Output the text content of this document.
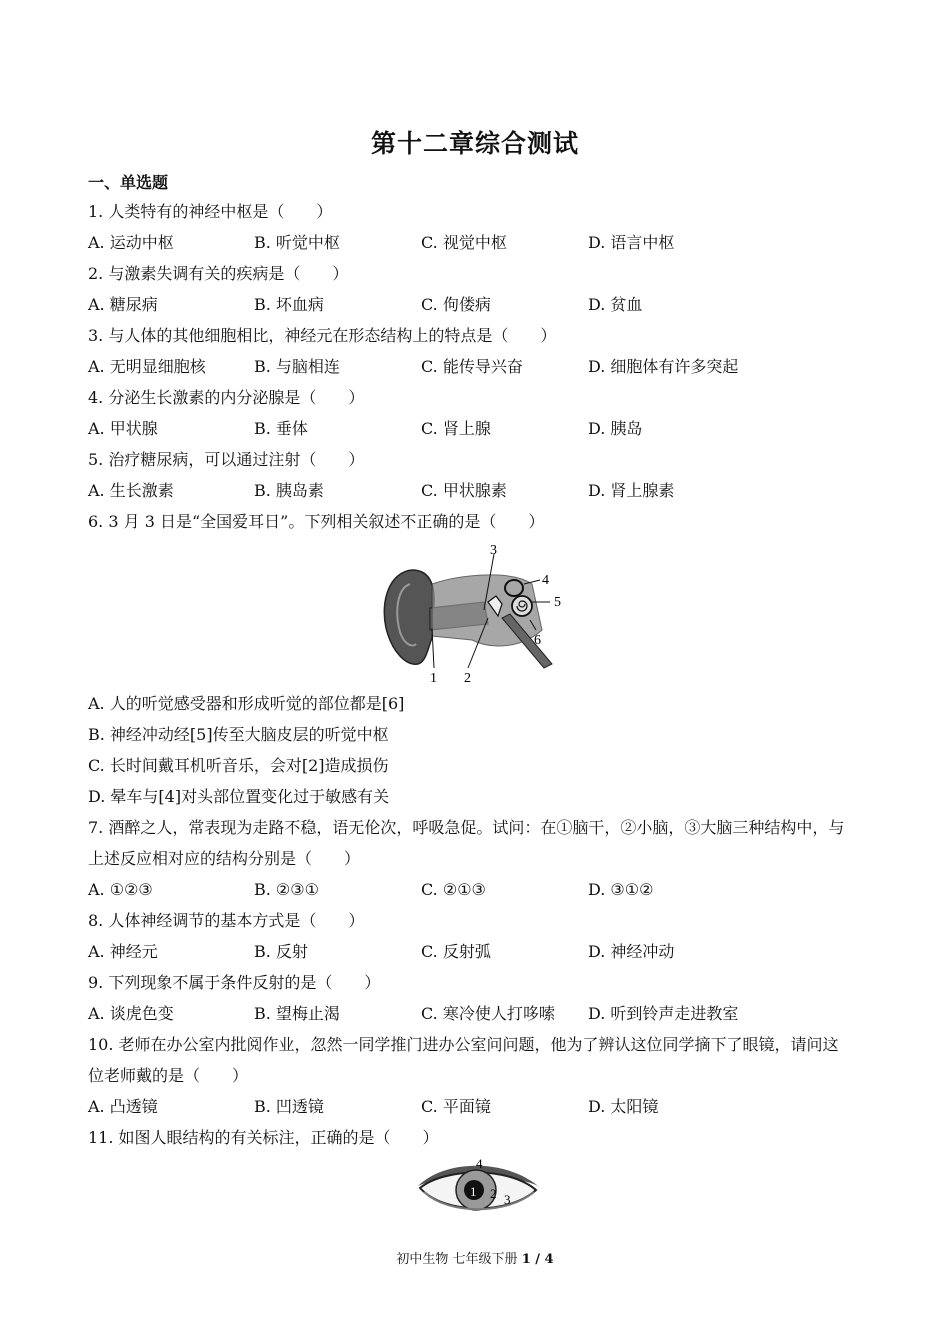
第十二章综合测试
一、单选题
1. 人类特有的神经中枢是（　　）
A. 运动中枢	B. 听觉中枢	C. 视觉中枢	D. 语言中枢
2. 与激素失调有关的疾病是（　　）
A. 糖尿病	B. 坏血病	C. 佝偻病	D. 贫血
3. 与人体的其他细胞相比，神经元在形态结构上的特点是（　　）
A. 无明显细胞核	B. 与脑相连	C. 能传导兴奋	D. 细胞体有许多突起
4. 分泌生长激素的内分泌腺是（　　）
A. 甲状腺	B. 垂体	C. 肾上腺	D. 胰岛
5. 治疗糖尿病，可以通过注射（　　）
A. 生长激素	B. 胰岛素	C. 甲状腺素	D. 肾上腺素
6. 3 月 3 日是“全国爱耳日”。下列相关叙述不正确的是（　　）
1 2
3
4
5
6
A. 人的听觉感受器和形成听觉的部位都是[6]
B. 神经冲动经[5]传至大脑皮层的听觉中枢
C. 长时间戴耳机听音乐，会对[2]造成损伤
D. 晕车与[4]对头部位置变化过于敏感有关
7. 酒醉之人，常表现为走路不稳，语无伦次，呼吸急促。试问：在①脑干，②小脑，③大脑三种结构中，与
上述反应相对应的结构分别是（　　）
A. ①②③	B. ②③①	C. ②①③	D. ③①②
8. 人体神经调节的基本方式是（　　）
A. 神经元	B. 反射	C. 反射弧	D. 神经冲动
9. 下列现象不属于条件反射的是（　　）
A. 谈虎色变	B. 望梅止渴	C. 寒冷使人打哆嗦 D. 听到铃声走进教室
10. 老师在办公室内批阅作业，忽然一同学推门进办公室问问题，他为了辨认这位同学摘下了眼镜，请问这
位老师戴的是（　　）
A. 凸透镜	B. 凹透镜	C. 平面镜	D. 太阳镜
11. 如图人眼结构的有关标注，正确的是（　　）
1 2 3
4
初中生物 七年级下册 1 / 4
